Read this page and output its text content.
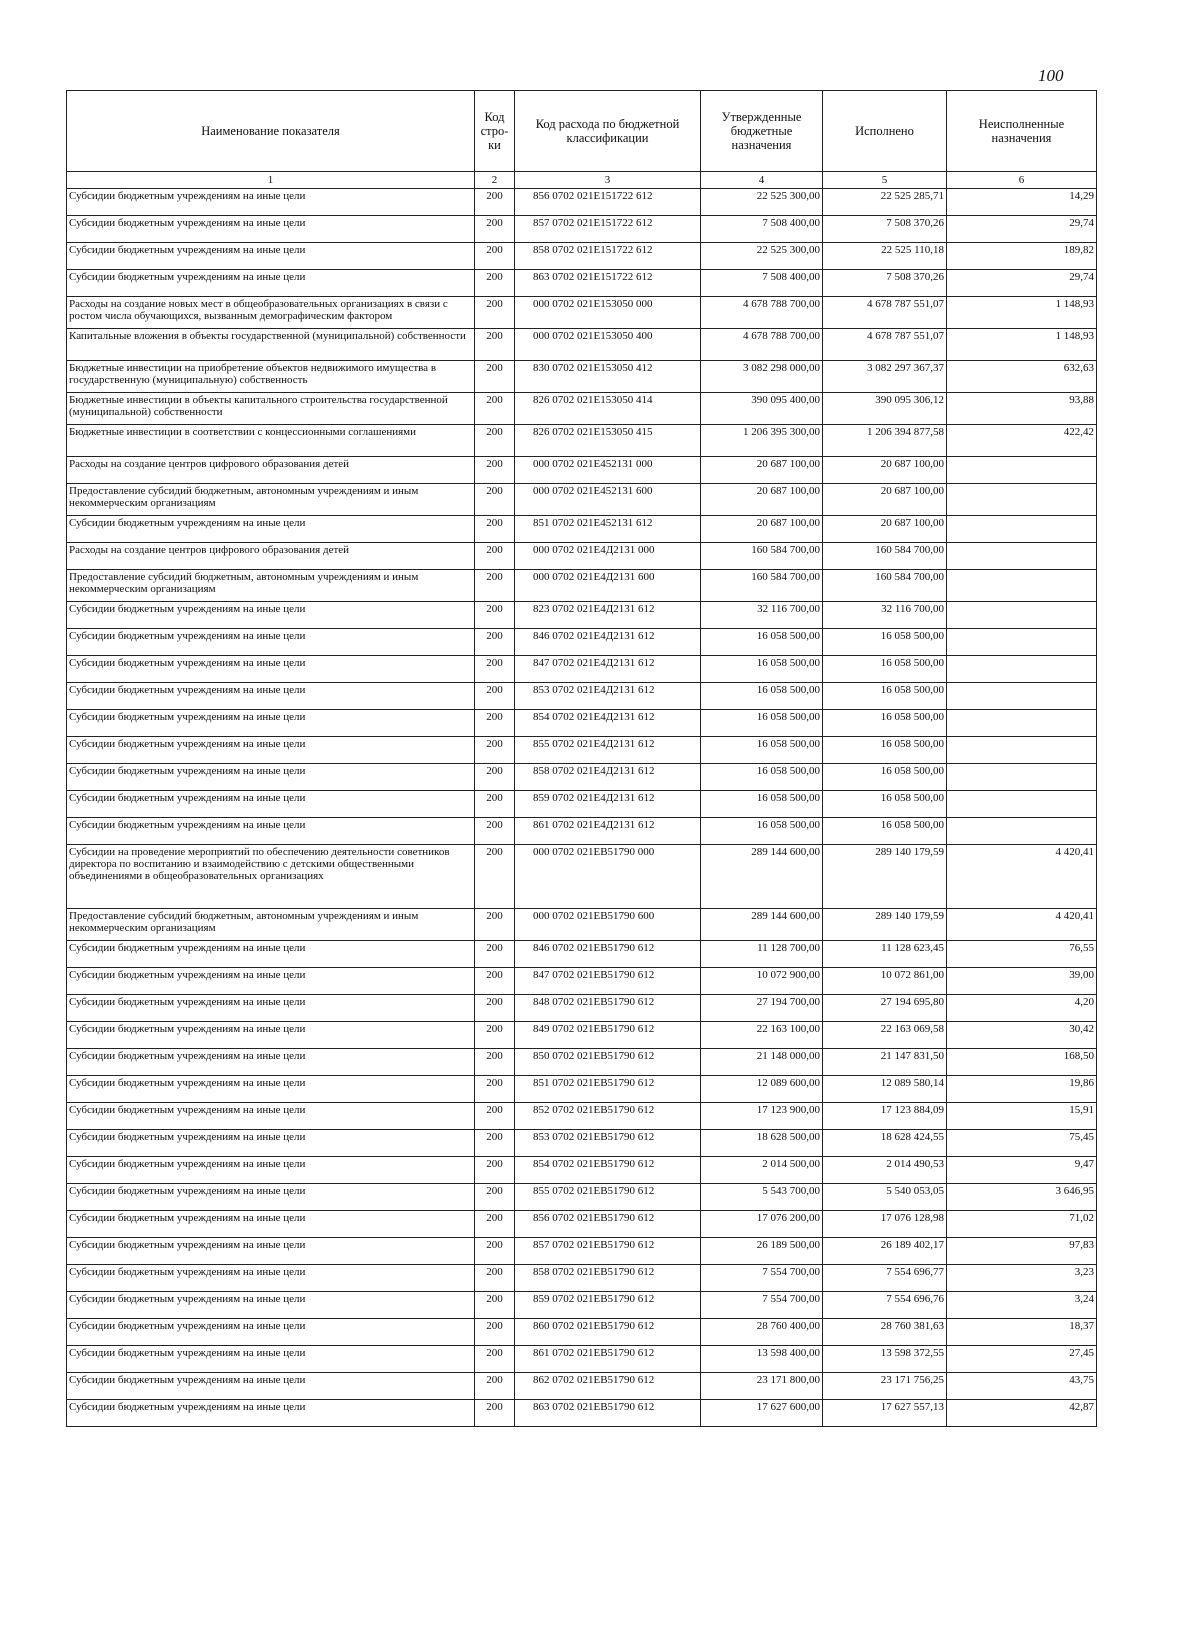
100
Наименование показателя	Код стро-ки	Код расхода по бюджетной классификации	Утвержденные бюджетные назначения	Исполнено	Неисполненные назначения
1	2	3	4	5	6
Субсидии бюджетным учреждениям на иные цели	200	856 0702 021Е151722 612	22 525 300,00	22 525 285,71	14,29
Субсидии бюджетным учреждениям на иные цели	200	857 0702 021Е151722 612	7 508 400,00	7 508 370,26	29,74
Субсидии бюджетным учреждениям на иные цели	200	858 0702 021Е151722 612	22 525 300,00	22 525 110,18	189,82
Субсидии бюджетным учреждениям на иные цели	200	863 0702 021Е151722 612	7 508 400,00	7 508 370,26	29,74
Расходы на создание новых мест в общеобразовательных организациях в связи с ростом числа обучающихся, вызванным демографическим фактором	200	000 0702 021Е153050 000	4 678 788 700,00	4 678 787 551,07	1 148,93
Капитальные вложения в объекты государственной (муниципальной) собственности	200	000 0702 021Е153050 400	4 678 788 700,00	4 678 787 551,07	1 148,93
Бюджетные инвестиции на приобретение объектов недвижимого имущества в государственную (муниципальную) собственность	200	830 0702 021Е153050 412	3 082 298 000,00	3 082 297 367,37	632,63
Бюджетные инвестиции в объекты капитального строительства государственной (муниципальной) собственности	200	826 0702 021Е153050 414	390 095 400,00	390 095 306,12	93,88
Бюджетные инвестиции в соответствии с концессионными соглашениями	200	826 0702 021Е153050 415	1 206 395 300,00	1 206 394 877,58	422,42
Расходы на создание центров цифрового образования детей	200	000 0702 021Е452131 000	20 687 100,00	20 687 100,00	
Предоставление субсидий бюджетным, автономным учреждениям и иным некоммерческим организациям	200	000 0702 021Е452131 600	20 687 100,00	20 687 100,00	
Субсидии бюджетным учреждениям на иные цели	200	851 0702 021Е452131 612	20 687 100,00	20 687 100,00	
Расходы на создание центров цифрового образования детей	200	000 0702 021Е4Д2131 000	160 584 700,00	160 584 700,00	
Предоставление субсидий бюджетным, автономным учреждениям и иным некоммерческим организациям	200	000 0702 021Е4Д2131 600	160 584 700,00	160 584 700,00	
Субсидии бюджетным учреждениям на иные цели	200	823 0702 021Е4Д2131 612	32 116 700,00	32 116 700,00	
Субсидии бюджетным учреждениям на иные цели	200	846 0702 021Е4Д2131 612	16 058 500,00	16 058 500,00	
Субсидии бюджетным учреждениям на иные цели	200	847 0702 021Е4Д2131 612	16 058 500,00	16 058 500,00	
Субсидии бюджетным учреждениям на иные цели	200	853 0702 021Е4Д2131 612	16 058 500,00	16 058 500,00	
Субсидии бюджетным учреждениям на иные цели	200	854 0702 021Е4Д2131 612	16 058 500,00	16 058 500,00	
Субсидии бюджетным учреждениям на иные цели	200	855 0702 021Е4Д2131 612	16 058 500,00	16 058 500,00	
Субсидии бюджетным учреждениям на иные цели	200	858 0702 021Е4Д2131 612	16 058 500,00	16 058 500,00	
Субсидии бюджетным учреждениям на иные цели	200	859 0702 021Е4Д2131 612	16 058 500,00	16 058 500,00	
Субсидии бюджетным учреждениям на иные цели	200	861 0702 021Е4Д2131 612	16 058 500,00	16 058 500,00	
Субсидии на проведение мероприятий по обеспечению деятельности советников директора по воспитанию и взаимодействию с детскими общественными объединениями в общеобразовательных организациях	200	000 0702 021ЕВ51790 000	289 144 600,00	289 140 179,59	4 420,41
Предоставление субсидий бюджетным, автономным учреждениям и иным некоммерческим организациям	200	000 0702 021ЕВ51790 600	289 144 600,00	289 140 179,59	4 420,41
Субсидии бюджетным учреждениям на иные цели	200	846 0702 021ЕВ51790 612	11 128 700,00	11 128 623,45	76,55
Субсидии бюджетным учреждениям на иные цели	200	847 0702 021ЕВ51790 612	10 072 900,00	10 072 861,00	39,00
Субсидии бюджетным учреждениям на иные цели	200	848 0702 021ЕВ51790 612	27 194 700,00	27 194 695,80	4,20
Субсидии бюджетным учреждениям на иные цели	200	849 0702 021ЕВ51790 612	22 163 100,00	22 163 069,58	30,42
Субсидии бюджетным учреждениям на иные цели	200	850 0702 021ЕВ51790 612	21 148 000,00	21 147 831,50	168,50
Субсидии бюджетным учреждениям на иные цели	200	851 0702 021ЕВ51790 612	12 089 600,00	12 089 580,14	19,86
Субсидии бюджетным учреждениям на иные цели	200	852 0702 021ЕВ51790 612	17 123 900,00	17 123 884,09	15,91
Субсидии бюджетным учреждениям на иные цели	200	853 0702 021ЕВ51790 612	18 628 500,00	18 628 424,55	75,45
Субсидии бюджетным учреждениям на иные цели	200	854 0702 021ЕВ51790 612	2 014 500,00	2 014 490,53	9,47
Субсидии бюджетным учреждениям на иные цели	200	855 0702 021ЕВ51790 612	5 543 700,00	5 540 053,05	3 646,95
Субсидии бюджетным учреждениям на иные цели	200	856 0702 021ЕВ51790 612	17 076 200,00	17 076 128,98	71,02
Субсидии бюджетным учреждениям на иные цели	200	857 0702 021ЕВ51790 612	26 189 500,00	26 189 402,17	97,83
Субсидии бюджетным учреждениям на иные цели	200	858 0702 021ЕВ51790 612	7 554 700,00	7 554 696,77	3,23
Субсидии бюджетным учреждениям на иные цели	200	859 0702 021ЕВ51790 612	7 554 700,00	7 554 696,76	3,24
Субсидии бюджетным учреждениям на иные цели	200	860 0702 021ЕВ51790 612	28 760 400,00	28 760 381,63	18,37
Субсидии бюджетным учреждениям на иные цели	200	861 0702 021ЕВ51790 612	13 598 400,00	13 598 372,55	27,45
Субсидии бюджетным учреждениям на иные цели	200	862 0702 021ЕВ51790 612	23 171 800,00	23 171 756,25	43,75
Субсидии бюджетным учреждениям на иные цели	200	863 0702 021ЕВ51790 612	17 627 600,00	17 627 557,13	42,87
